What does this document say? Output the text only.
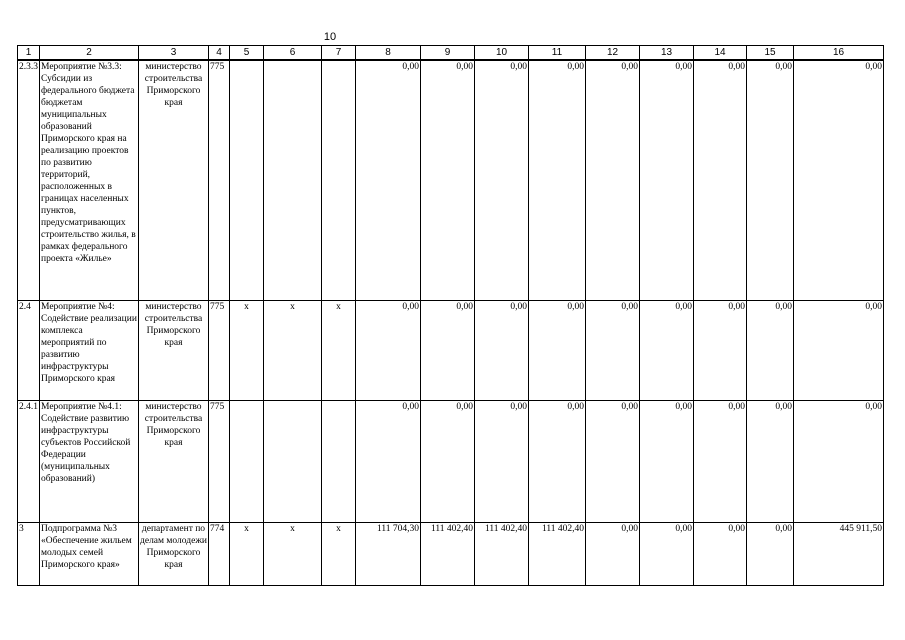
10
1	2	3	4	5	6	7	8	9	10	11	12	13	14	15	16
2.3.3	Мероприятие №3.3: Субсидии из федерального бюджета бюджетам муниципальных образований Приморского края на реализацию проектов по развитию территорий, расположенных в границах населенных пунктов, предусматривающих строительство жилья, в рамках федерального проекта «Жилье»	министерство строительства Приморского края	775				0,00	0,00	0,00	0,00	0,00	0,00	0,00	0,00	0,00
2.4	Мероприятие №4: Содействие реализации комплекса мероприятий по развитию инфраструктуры Приморского края	министерство строительства Приморского края	775	x	x	x	0,00	0,00	0,00	0,00	0,00	0,00	0,00	0,00	0,00
2.4.1	Мероприятие №4.1: Содействие развитию инфраструктуры субъектов Российской Федерации (муниципальных образований)	министерство строительства Приморского края	775				0,00	0,00	0,00	0,00	0,00	0,00	0,00	0,00	0,00
3	Подпрограмма №3 «Обеспечение жильем молодых семей Приморского края»	департамент по делам молодежи Приморского края	774	x	x	x	111 704,30	111 402,40	111 402,40	111 402,40	0,00	0,00	0,00	0,00	445 911,50
